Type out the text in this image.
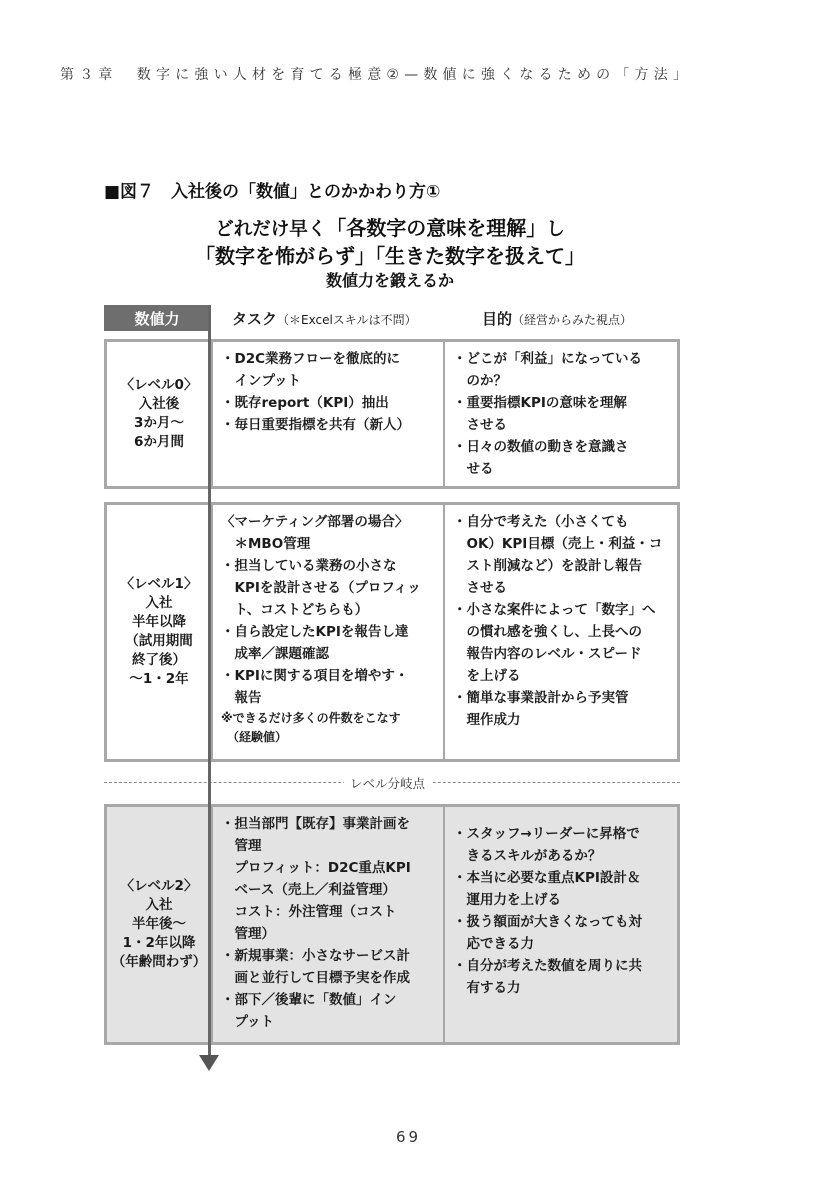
第３章　数字に強い人材を育てる極意②—数値に強くなるための「方法」
■図７　入社後の「数値」とのかかわり方①
どれだけ早く「各数字の意味を理解」し
「数字を怖がらず」「生きた数字を扱えて」
数値力を鍛えるか
数値力	タスク（＊Excelスキルは不問）	目的（経営からみた視点）
〈レベル0〉
入社後
3か月〜
6か月間
・D2C業務フローを徹底的に
　インプット
・既存report（KPI）抽出
・毎日重要指標を共有（新人）
・どこが「利益」になっている
　のか？
・重要指標KPIの意味を理解
　させる
・日々の数値の動きを意識さ
　せる
〈レベル1〉
入社
半年以降
（試用期間
終了後）
〜1・2年
〈マーケティング部署の場合〉
　＊MBO管理
・担当している業務の小さな
　KPIを設計させる（プロフィッ
　ト、コストどちらも）
・自ら設定したKPIを報告し達
　成率／課題確認
・KPIに関する項目を増やす・
　報告
※できるだけ多くの件数をこなす
　（経験値）
・自分で考えた（小さくても
　OK）KPI目標（売上・利益・コ
　スト削減など）を設計し報告
　させる
・小さな案件によって「数字」へ
　の慣れ感を強くし、上長への
　報告内容のレベル・スピード
　を上げる
・簡単な事業設計から予実管
　理作成力
レベル分岐点
〈レベル2〉
入社
半年後〜
1・2年以降
（年齢問わず）
・担当部門【既存】事業計画を
　管理
　プロフィット：D2C重点KPI
　ベース（売上／利益管理）
　コスト：外注管理（コスト
　管理）
・新規事業：小さなサービス計
　画と並行して目標予実を作成
・部下／後輩に「数値」イン
　プット
・スタッフ→リーダーに昇格で
　きるスキルがあるか？
・本当に必要な重点KPI設計＆
　運用力を上げる
・扱う額面が大きくなっても対
　応できる力
・自分が考えた数値を周りに共
　有する力
69
